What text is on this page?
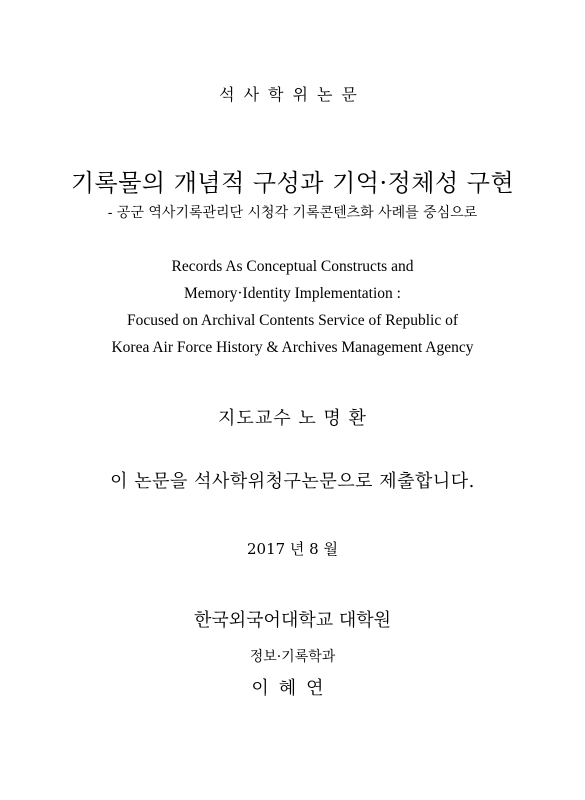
석사학위논문
기록물의 개념적 구성과 기억·정체성 구현
- 공군 역사기록관리단 시청각 기록콘텐츠화 사례를 중심으로
Records As Conceptual Constructs and
Memory·Identity Implementation :
Focused on Archival Contents Service of Republic of
Korea Air Force History & Archives Management Agency
지도교수 노 명 환
이 논문을 석사학위청구논문으로 제출합니다.
2017 년 8 월
한국외국어대학교 대학원
정보·기록학과
이혜연
